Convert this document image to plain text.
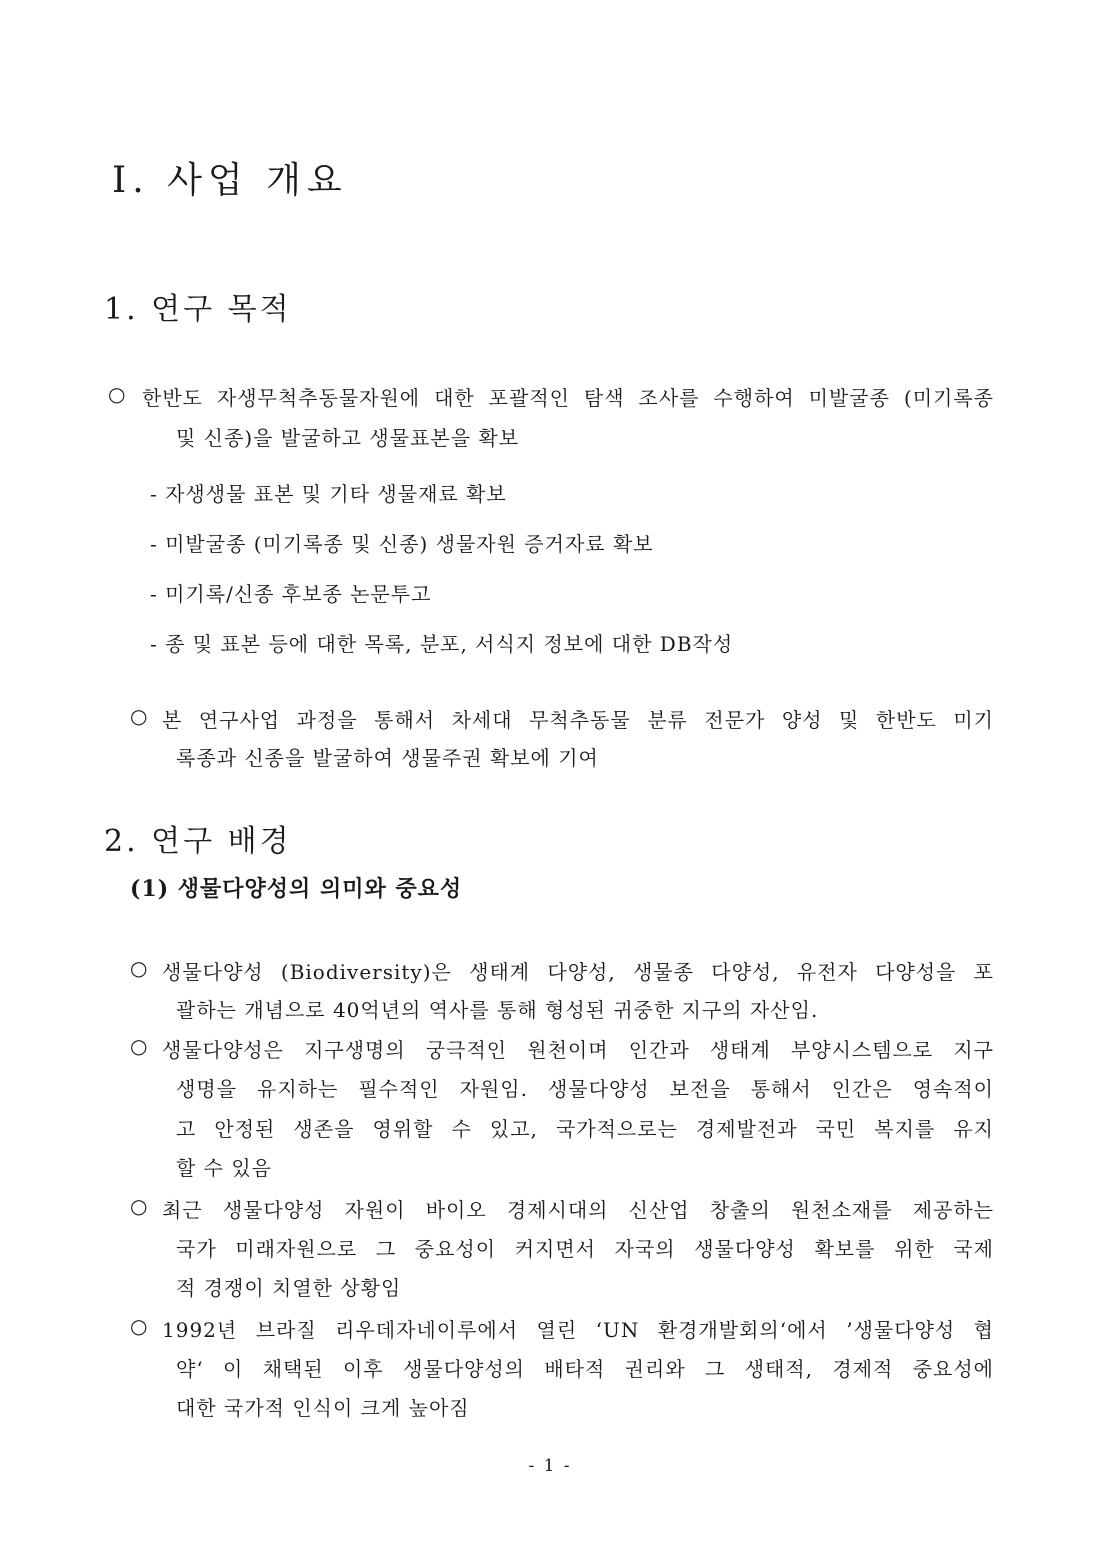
Ⅰ. 사업 개요
1. 연구 목적
○ 한반도 자생무척추동물자원에 대한 포괄적인 탐색 조사를 수행하여 미발굴종 (미기록종
및 신종)을 발굴하고 생물표본을 확보
- 자생생물 표본 및 기타 생물재료 확보
- 미발굴종 (미기록종 및 신종) 생물자원 증거자료 확보
- 미기록/신종 후보종 논문투고
- 종 및 표본 등에 대한 목록, 분포, 서식지 정보에 대한 DB작성
○ 본 연구사업 과정을 통해서 차세대 무척추동물 분류 전문가 양성 및 한반도 미기
록종과 신종을 발굴하여 생물주권 확보에 기여
2. 연구 배경
(1) 생물다양성의 의미와 중요성
○ 생물다양성 (Biodiversity)은 생태계 다양성, 생물종 다양성, 유전자 다양성을 포
괄하는 개념으로 40억년의 역사를 통해 형성된 귀중한 지구의 자산임.
○ 생물다양성은 지구생명의 궁극적인 원천이며 인간과 생태계 부양시스템으로 지구
생명을 유지하는 필수적인 자원임. 생물다양성 보전을 통해서 인간은 영속적이
고 안정된 생존을 영위할 수 있고, 국가적으로는 경제발전과 국민 복지를 유지
할 수 있음
○ 최근 생물다양성 자원이 바이오 경제시대의 신산업 창출의 원천소재를 제공하는
국가 미래자원으로 그 중요성이 커지면서 자국의 생물다양성 확보를 위한 국제
적 경쟁이 치열한 상황임
○ 1992년 브라질 리우데자네이루에서 열린 ‘UN 환경개발회의‘에서 ’생물다양성 협
약‘ 이 채택된 이후 생물다양성의 배타적 권리와 그 생태적, 경제적 중요성에
대한 국가적 인식이 크게 높아짐
- 1 -
